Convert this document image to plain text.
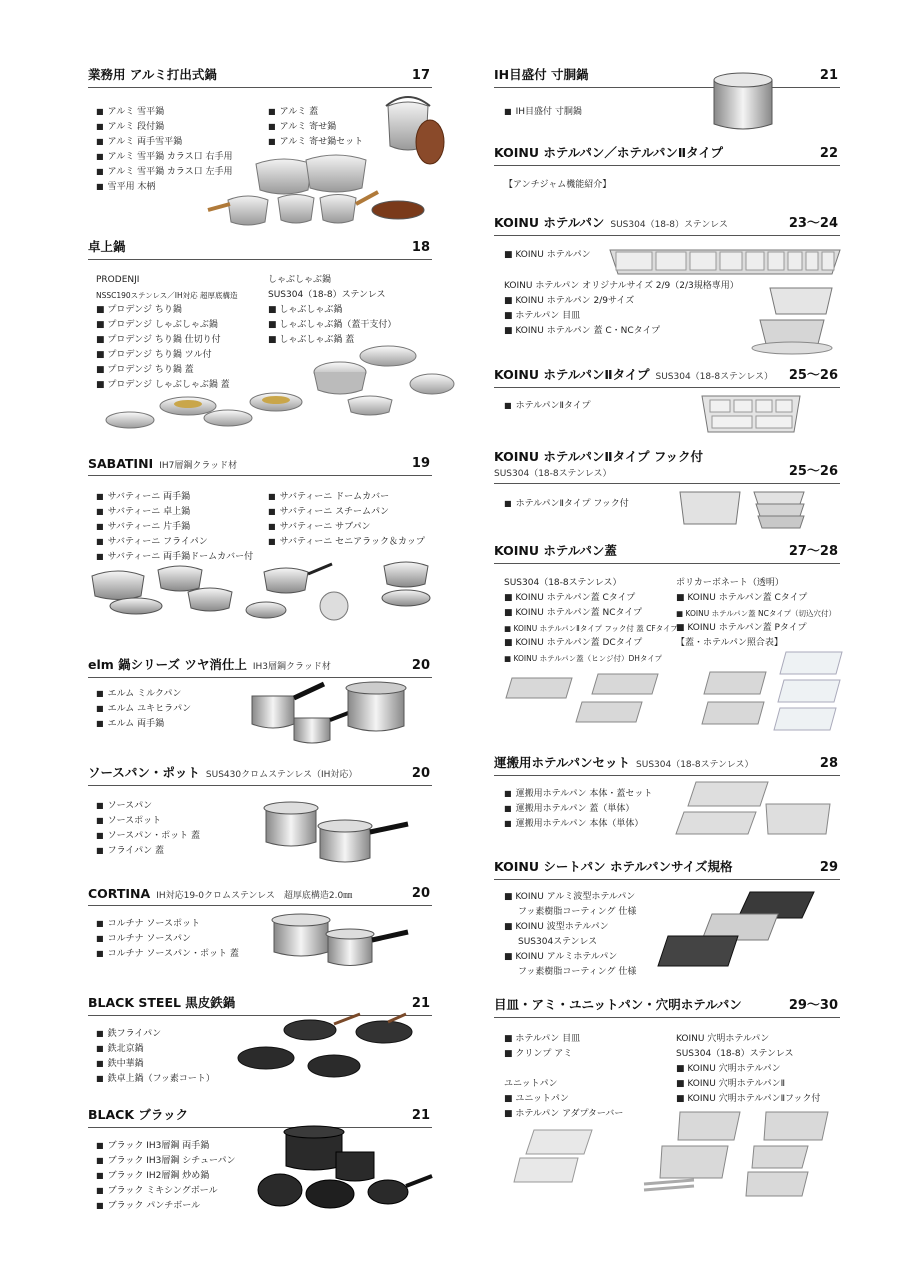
業務用 アルミ打出式鍋	17
■ アルミ 雪平鍋
■ アルミ 段付鍋
■ アルミ 両手雪平鍋
■ アルミ 雪平鍋 カラス口 右手用
■ アルミ 雪平鍋 カラス口 左手用
■ 雪平用 木柄
■ アルミ 蓋
■ アルミ 寄せ鍋
■ アルミ 寄せ鍋セット
卓上鍋	18
PRODENJI
NSSC190ステンレス／IH対応 超厚底構造
■ プロデンジ ちり鍋
■ プロデンジ しゃぶしゃぶ鍋
■ プロデンジ ちり鍋 仕切り付
■ プロデンジ ちり鍋 ツル付
■ プロデンジ ちり鍋 蓋
■ プロデンジ しゃぶしゃぶ鍋 蓋
しゃぶしゃぶ鍋
SUS304（18-8）ステンレス
■ しゃぶしゃぶ鍋
■ しゃぶしゃぶ鍋（蓋干支付）
■ しゃぶしゃぶ鍋 蓋
SABATINI IH7層鋼クラッド材	19
■ サバティーニ 両手鍋
■ サバティーニ 卓上鍋
■ サバティーニ 片手鍋
■ サバティーニ フライパン
■ サバティーニ 両手鍋ドームカバー付
■ サバティーニ ドームカバー
■ サバティーニ スチームパン
■ サバティーニ サブパン
■ サバティーニ セニアラック＆カップ
elm 鍋シリーズ ツヤ消仕上 IH3層鋼クラッド材	20
■ エルム ミルクパン
■ エルム ユキヒラパン
■ エルム 両手鍋
ソースパン・ポット SUS430クロムステンレス（IH対応）	20
■ ソースパン
■ ソースポット
■ ソースパン・ポット 蓋
■ フライパン 蓋
CORTINA IH対応19-0クロムステンレス　超厚底構造2.0㎜	20
■ コルチナ ソースポット
■ コルチナ ソースパン
■ コルチナ ソースパン・ポット 蓋
BLACK STEEL 黒皮鉄鍋	21
■ 鉄フライパン
■ 鉄北京鍋
■ 鉄中華鍋
■ 鉄卓上鍋（フッ素コート）
BLACK ブラック	21
■ ブラック IH3層鋼 両手鍋
■ ブラック IH3層鋼 シチューパン
■ ブラック IH2層鋼 炒め鍋
■ ブラック ミキシングボール
■ ブラック パンチボール
IH目盛付 寸胴鍋	21
■ IH目盛付 寸胴鍋
KOINU ホテルパン／ホテルパンⅡタイプ	22
【アンチジャム機能紹介】
KOINU ホテルパン SUS304（18-8）ステンレス	23〜24
■ KOINU ホテルパン
KOINU ホテルパン オリジナルサイズ 2/9（2/3規格専用）
■ KOINU ホテルパン 2/9サイズ
■ ホテルパン 目皿
■ KOINU ホテルパン 蓋 C・NCタイプ
KOINU ホテルパンⅡタイプ SUS304（18-8ステンレス） 25〜26
■ ホテルパンⅡタイプ
KOINU ホテルパンⅡタイプ フック付
SUS304（18-8ステンレス）	25〜26
■ ホテルパンⅡタイプ フック付
KOINU ホテルパン蓋	27〜28
SUS304（18-8ステンレス）
■ KOINU ホテルパン蓋 Cタイプ
■ KOINU ホテルパン蓋 NCタイプ
■ KOINU ホテルパンⅡタイプ フック付 蓋 CFタイプ
■ KOINU ホテルパン蓋 DCタイプ
■ KOINU ホテルパン蓋（ヒンジ付）DHタイプ
ポリカーボネート（透明）
■ KOINU ホテルパン蓋 Cタイプ
■ KOINU ホテルパン蓋 NCタイプ（切込穴付）
■ KOINU ホテルパン蓋 Pタイプ
【蓋・ホテルパン照合表】
運搬用ホテルパンセット SUS304（18-8ステンレス）	28
■ 運搬用ホテルパン 本体・蓋セット
■ 運搬用ホテルパン 蓋（単体）
■ 運搬用ホテルパン 本体（単体）
KOINU シートパン ホテルパンサイズ規格	29
■ KOINU アルミ波型ホテルパン
フッ素樹脂コーティング 仕様
■ KOINU 波型ホテルパン
SUS304ステンレス
■ KOINU アルミホテルパン
フッ素樹脂コーティング 仕様
目皿・アミ・ユニットパン・穴明ホテルパン	29〜30
■ ホテルパン 目皿
■ クリンプ アミ
ユニットパン
■ ユニットパン
■ ホテルパン アダプターバー
KOINU 穴明ホテルパン
SUS304（18-8）ステンレス
■ KOINU 穴明ホテルパン
■ KOINU 穴明ホテルパンⅡ
■ KOINU 穴明ホテルパンⅡフック付
